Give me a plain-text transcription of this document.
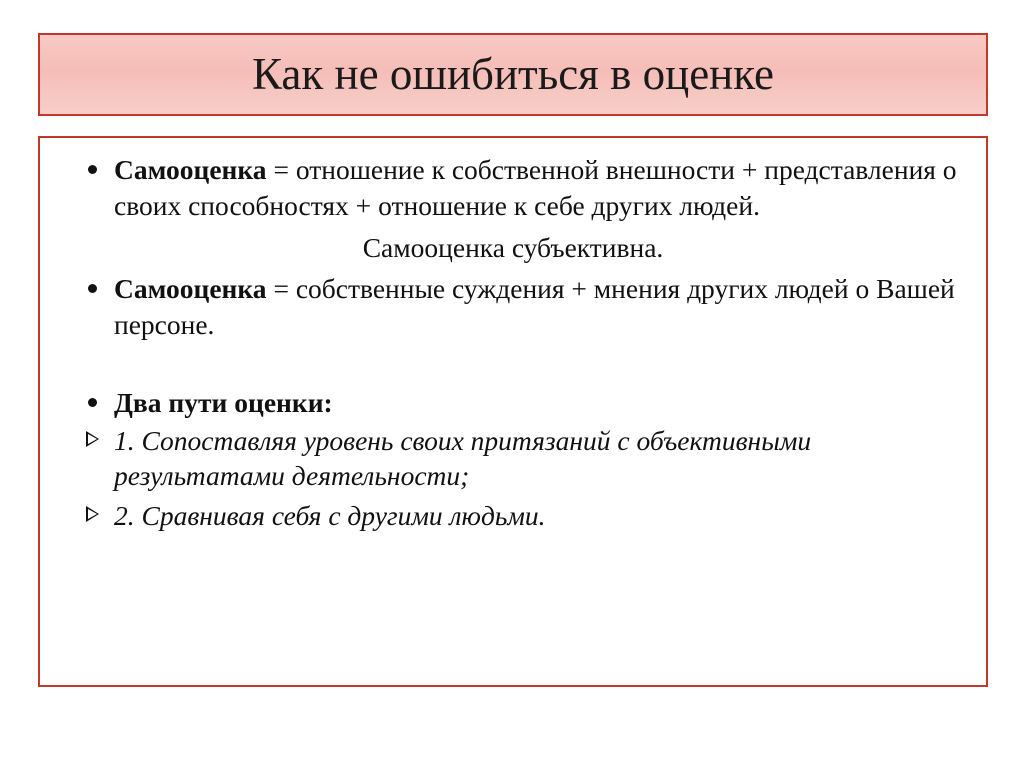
Как не ошибиться в оценке
Самооценка = отношение к собственной внешности + представления о своих способностях + отношение к себе других людей.
Самооценка субъективна.
Самооценка = собственные суждения + мнения других людей о Вашей персоне.
Два пути оценки:
1. Сопоставляя уровень своих притязаний с объективными результатами деятельности;
2. Сравнивая себя с другими людьми.
